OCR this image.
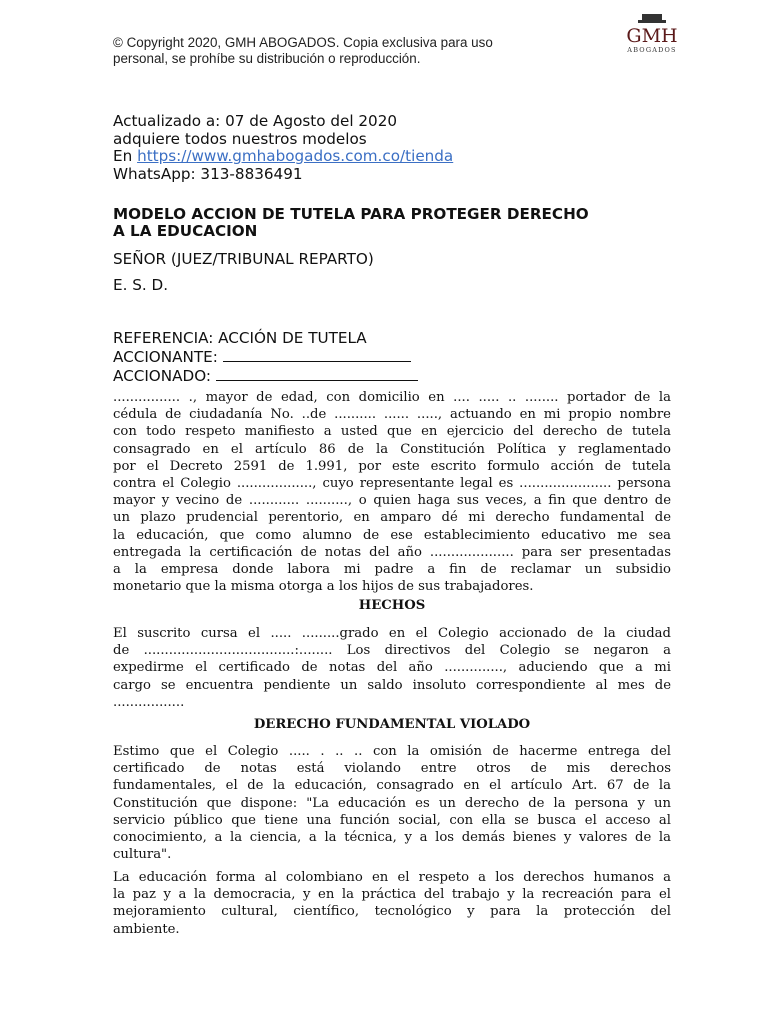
© Copyright 2020, GMH ABOGADOS. Copia exclusiva para uso
personal, se prohíbe su distribución o reproducción.
GMH
ABOGADOS
Actualizado a: 07 de Agosto del 2020
adquiere todos nuestros modelos
En https://www.gmhabogados.com.co/tienda
WhatsApp: 313-8836491
MODELO ACCION DE TUTELA PARA PROTEGER DERECHO
A LA EDUCACION
SEÑOR (JUEZ/TRIBUNAL REPARTO)
E. S. D.
REFERENCIA: ACCIÓN DE TUTELA
ACCIONANTE:
ACCIONADO:

................ ., mayor de edad, con domicilio en .... ..... .. ........ portador de la

cédula de ciudadanía No. ..de .......... ...... ....., actuando en mi propio nombre

con todo respeto manifiesto a usted que en ejercicio del derecho de tutela

consagrado en el artículo 86 de la Constitución Política y reglamentado

por el Decreto 2591 de 1.991, por este escrito formulo acción de tutela

contra el Colegio .................., cuyo representante legal es ...................... persona

mayor y vecino de ............ .........., o quien haga sus veces, a fin que dentro de

un plazo prudencial perentorio, en amparo dé mi derecho fundamental de

la educación, que como alumno de ese establecimiento educativo me sea

entregada la certificación de notas del año .................... para ser presentadas

a la empresa donde labora mi padre a fin de reclamar un subsidio

monetario que la misma otorga a los hijos de sus trabajadores.

HECHOS

El suscrito cursa el ..... .........grado en el Colegio accionado de la ciudad

de ....................................:........ Los directivos del Colegio se negaron a

expedirme el certificado de notas del año .............., aduciendo que a mi

cargo se encuentra pendiente un saldo insoluto correspondiente al mes de

.................

DERECHO FUNDAMENTAL VIOLADO

Estimo que el Colegio ..... . .. .. con la omisión de hacerme entrega del

certificado de notas está violando entre otros de mis derechos

fundamentales, el de la educación, consagrado en el artículo Art. 67 de la

Constitución que dispone: "La educación es un derecho de la persona y un

servicio público que tiene una función social, con ella se busca el acceso al

conocimiento, a la ciencia, a la técnica, y a los demás bienes y valores de la

cultura".

La educación forma al colombiano en el respeto a los derechos humanos a

la paz y a la democracia, y en la práctica del trabajo y la recreación para el

mejoramiento cultural, científico, tecnológico y para la protección del

ambiente.
